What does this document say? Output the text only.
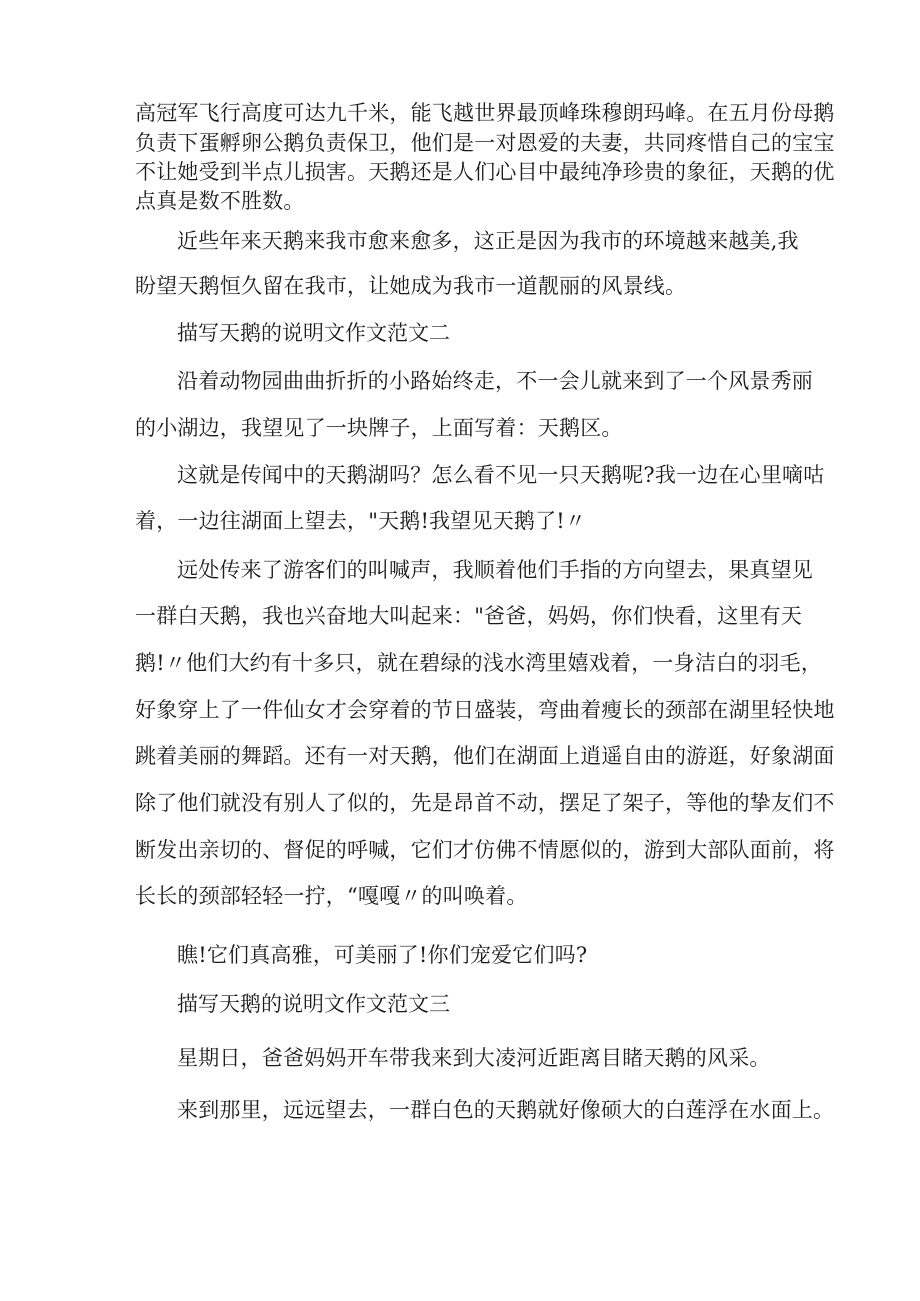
高冠军飞行高度可达九千米，能飞越世界最顶峰珠穆朗玛峰。在五月份母鹅
负责下蛋孵卵公鹅负责保卫，他们是一对恩爱的夫妻，共同疼惜自己的宝宝
不让她受到半点儿损害。天鹅还是人们心目中最纯净珍贵的象征，天鹅的优
点真是数不胜数。
近些年来天鹅来我市愈来愈多，这正是因为我市的环境越来越美,我
盼望天鹅恒久留在我市，让她成为我市一道靓丽的风景线。
描写天鹅的说明文作文范文二
沿着动物园曲曲折折的小路始终走，不一会儿就来到了一个风景秀丽
的小湖边，我望见了一块牌子，上面写着：天鹅区。
这就是传闻中的天鹅湖吗？怎么看不见一只天鹅呢?我一边在心里嘀咕
着，一边往湖面上望去，"天鹅!我望见天鹅了!〃
远处传来了游客们的叫喊声，我顺着他们手指的方向望去，果真望见
一群白天鹅，我也兴奋地大叫起来："爸爸，妈妈，你们快看，这里有天
鹅!〃他们大约有十多只，就在碧绿的浅水湾里嬉戏着，一身洁白的羽毛，
好象穿上了一件仙女才会穿着的节日盛装，弯曲着瘦长的颈部在湖里轻快地
跳着美丽的舞蹈。还有一对天鹅，他们在湖面上逍遥自由的游逛，好象湖面
除了他们就没有别人了似的，先是昂首不动，摆足了架子，等他的挚友们不
断发出亲切的、督促的呼喊，它们才仿佛不情愿似的，游到大部队面前，将
长长的颈部轻轻一拧，“嘎嘎〃的叫唤着。
瞧!它们真高雅，可美丽了!你们宠爱它们吗?
描写天鹅的说明文作文范文三
星期日，爸爸妈妈开车带我来到大凌河近距离目睹天鹅的风采。
来到那里，远远望去，一群白色的天鹅就好像硕大的白莲浮在水面上。
